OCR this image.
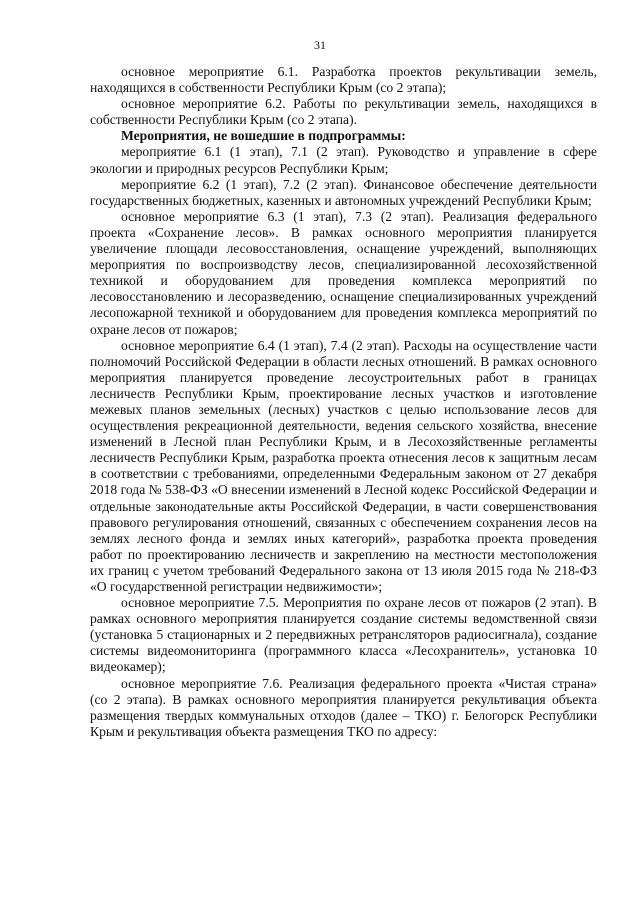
31

основное мероприятие 6.1. Разработка проектов рекультивации земель, находящихся в собственности Республики Крым (со 2 этапа);

основное мероприятие 6.2. Работы по рекультивации земель, находящихся в собственности Республики Крым (со 2 этапа).

Мероприятия, не вошедшие в подпрограммы:

мероприятие 6.1 (1 этап), 7.1 (2 этап). Руководство и управление в сфере экологии и природных ресурсов Республики Крым;

мероприятие 6.2 (1 этап), 7.2 (2 этап). Финансовое обеспечение деятельности государственных бюджетных, казенных и автономных учреждений Республики Крым;

основное мероприятие 6.3 (1 этап), 7.3 (2 этап). Реализация федерального проекта «Сохранение лесов». В рамках основного мероприятия планируется увеличение площади лесовосстановления, оснащение учреждений, выполняющих мероприятия по воспроизводству лесов, специализированной лесохозяйственной техникой и оборудованием для проведения комплекса мероприятий по лесовосстановлению и лесоразведению, оснащение специализированных учреждений лесопожарной техникой и оборудованием для проведения комплекса мероприятий по охране лесов от пожаров;

основное мероприятие 6.4 (1 этап), 7.4 (2 этап). Расходы на осуществление части полномочий Российской Федерации в области лесных отношений. В рамках основного мероприятия планируется проведение лесоустроительных работ в границах лесничеств Республики Крым, проектирование лесных участков и изготовление межевых планов земельных (лесных) участков с целью использование лесов для осуществления рекреационной деятельности, ведения сельского хозяйства, внесение изменений в Лесной план Республики Крым, и в Лесохозяйственные регламенты лесничеств Республики Крым, разработка проекта отнесения лесов к защитным лесам в соответствии с требованиями, определенными Федеральным законом от 27 декабря 2018 года № 538-ФЗ «О внесении изменений в Лесной кодекс Российской Федерации и отдельные законодательные акты Российской Федерации, в части совершенствования правового регулирования отношений, связанных с обеспечением сохранения лесов на землях лесного фонда и землях иных категорий», разработка проекта проведения работ по проектированию лесничеств и закреплению на местности местоположения их границ с учетом требований Федерального закона от 13 июля 2015 года № 218-ФЗ «О государственной регистрации недвижимости»;

основное мероприятие 7.5. Мероприятия по охране лесов от пожаров (2 этап). В рамках основного мероприятия планируется создание системы ведомственной связи (установка 5 стационарных и 2 передвижных ретрансляторов радиосигнала), создание системы видеомониторинга (программного класса «Лесохранитель», установка 10 видеокамер);

основное мероприятие 7.6. Реализация федерального проекта «Чистая страна» (со 2 этапа). В рамках основного мероприятия планируется рекультивация объекта размещения твердых коммунальных отходов (далее – ТКО) г. Белогорск Республики Крым и рекультивация объекта размещения ТКО по адресу:
